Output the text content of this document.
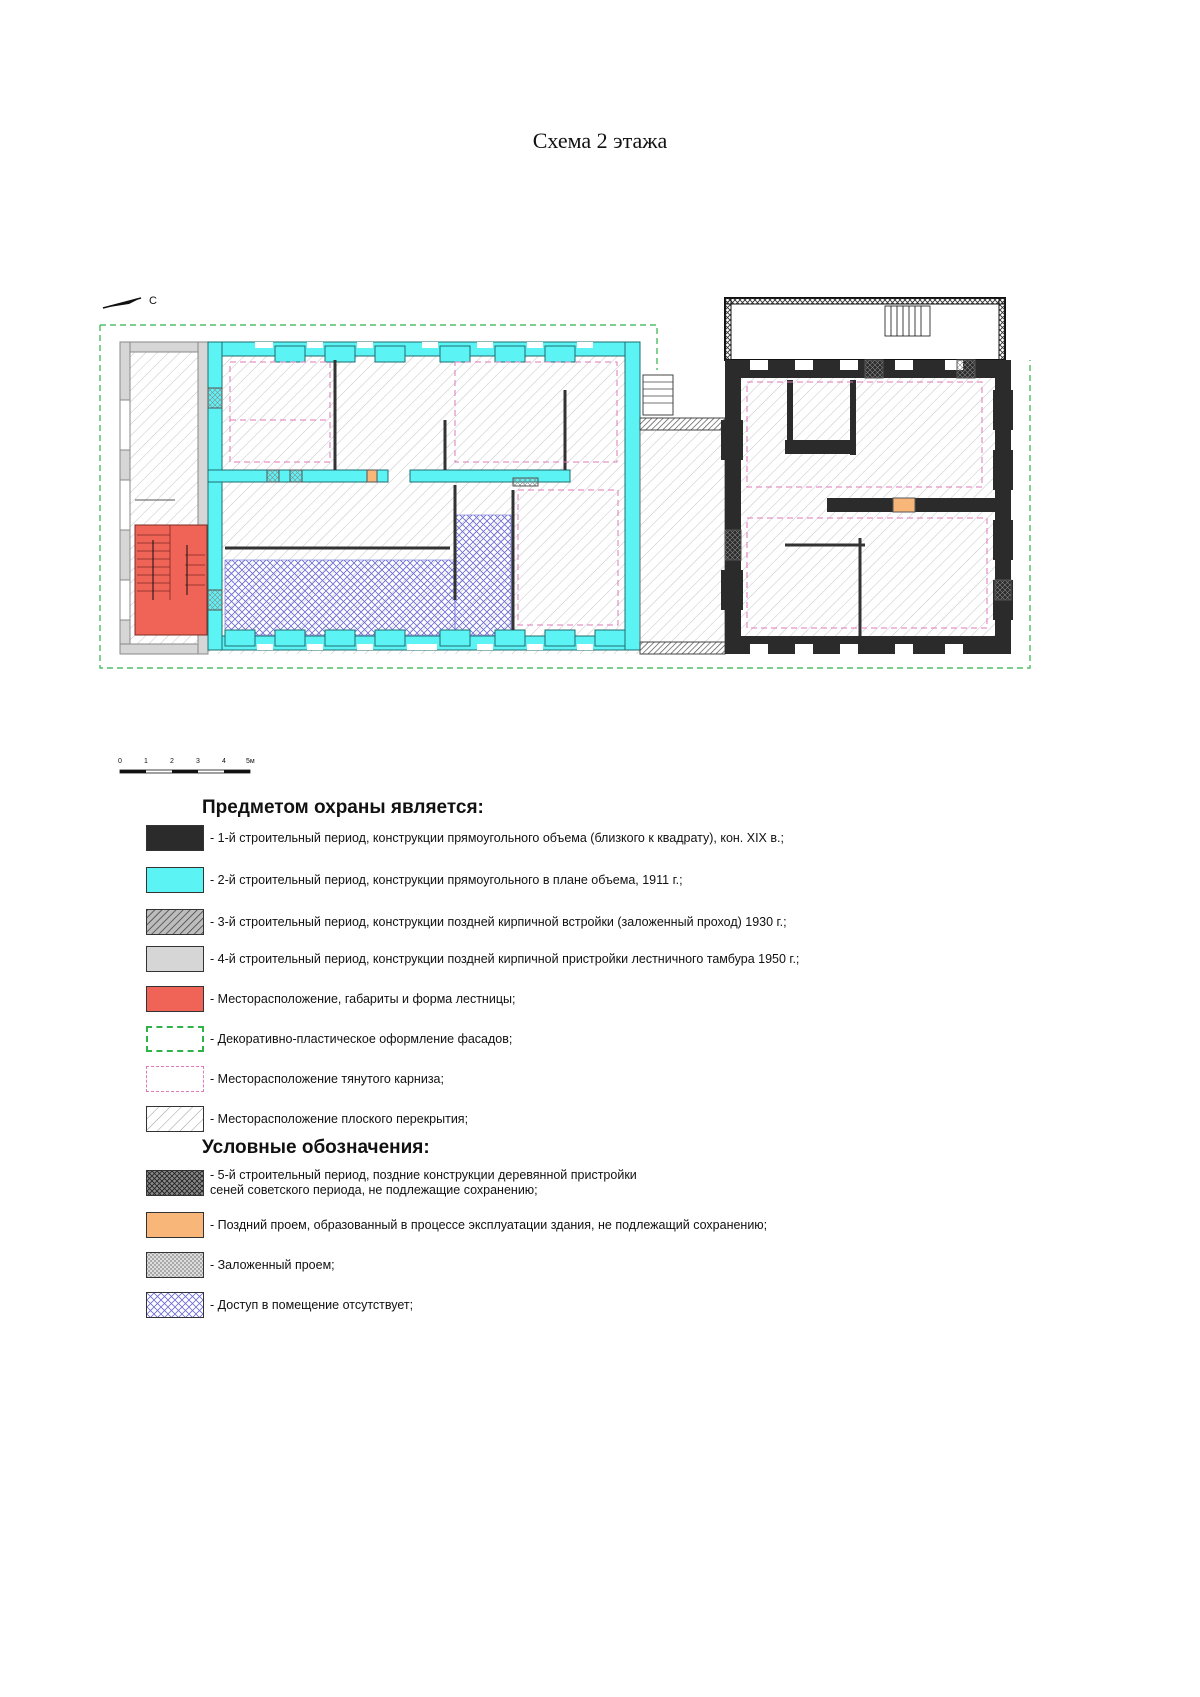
Схема 2 этажа
С
0	1	2	3	4	5м
Предметом охраны является:
- 1-й строительный период, конструкции прямоугольного объема (близкого к квадрату), кон. XIX в.;
- 2-й строительный период, конструкции прямоугольного в плане объема, 1911 г.;
- 3-й строительный период, конструкции поздней кирпичной встройки (заложенный проход) 1930 г.;
- 4-й строительный период, конструкции поздней кирпичной пристройки лестничного тамбура 1950 г.;
- Месторасположение, габариты и форма лестницы;
- Декоративно-пластическое оформление фасадов;
- Месторасположение тянутого карниза;
- Месторасположение плоского перекрытия;
Условные обозначения:
- 5-й строительный период, поздние конструкции деревянной пристройки
сеней советского периода, не подлежащие сохранению;
- Поздний проем, образованный в процессе эксплуатации здания, не подлежащий сохранению;
- Заложенный проем;
- Доступ в помещение отсутствует;
